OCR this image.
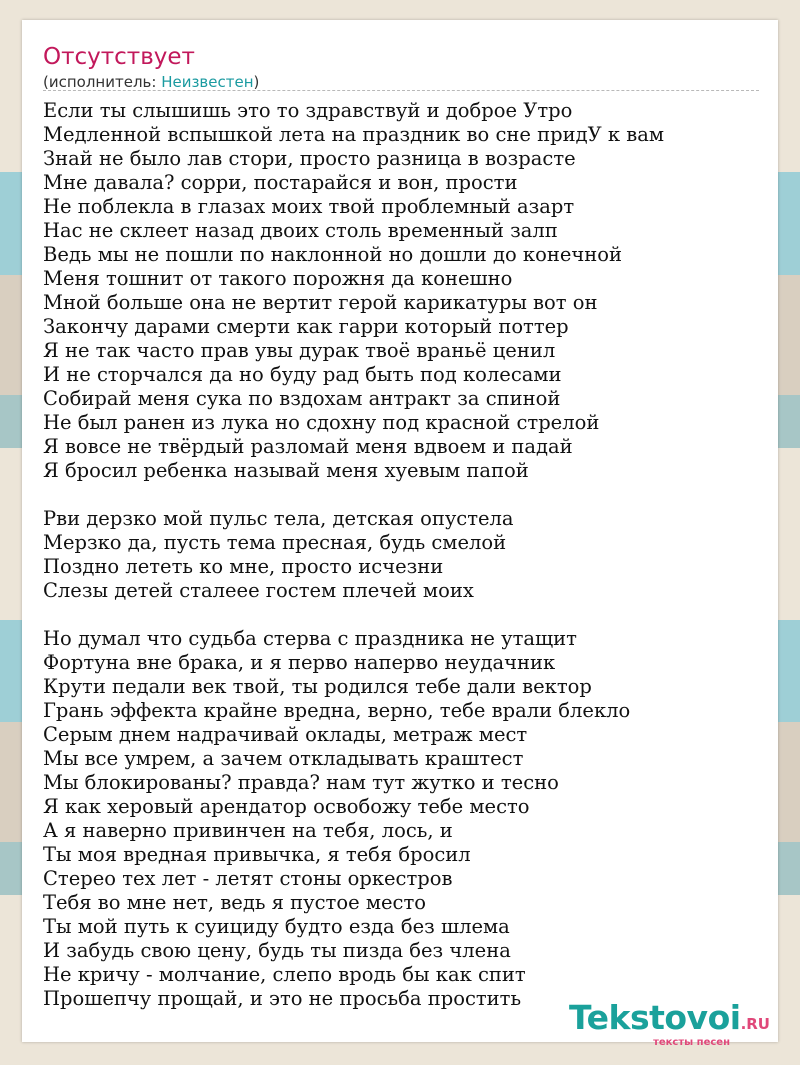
Отсутствует
(исполнитель: Неизвестен)
Если ты слышишь это то здравствуй и доброе Утро
Медленной вспышкой лета на праздник во сне придУ к вам
Знай не было лав стори, просто разница в возрасте
Мне давала? сорри, постарайся и вон, прости
Не поблекла в глазах моих твой проблемный азарт
Нас не склеет назад двоих столь временный залп
Ведь мы не пошли по наклонной но дошли до конечной
Меня тошнит от такого порожня да конешно
Мной больше она не вертит герой карикатуры вот он
Закончу дарами смерти как гарри который поттер
Я не так часто прав увы дурак твоё враньё ценил
И не сторчался да но буду рад быть под колесами
Собирай меня сука по вздохам антракт за спиной
Не был ранен из лука но сдохну под красной стрелой
Я вовсе не твёрдый разломай меня вдвоем и падай
Я бросил ребенка называй меня хуевым папой
Рви дерзко мой пульс тела, детская опустела
Мерзко да, пусть тема пресная, будь смелой
Поздно лететь ко мне, просто исчезни
Слезы детей сталеее гостем плечей моих
Но думал что судьба стерва с праздника не утащит
Фортуна вне брака, и я перво наперво неудачник
Крути педали век твой, ты родился тебе дали вектор
Грань эффекта крайне вредна, верно, тебе врали блекло
Серым днем надрачивай оклады, метраж мест
Мы все умрем, а зачем откладывать краштест
Мы блокированы? правда? нам тут жутко и тесно
Я как херовый арендатор освобожу тебе место
А я наверно привинчен на тебя, лось, и
Ты моя вредная привычка, я тебя бросил
Стерео тех лет - летят стоны оркестров
Тебя во мне нет, ведь я пустое место
Ты мой путь к суициду будто езда без шлема
И забудь свою цену, будь ты пизда без члена
Не кричу - молчание, слепо вродь бы как спит
Прошепчу прощай, и это не просьба простить	Tekstovoi.RU
тексты песен
